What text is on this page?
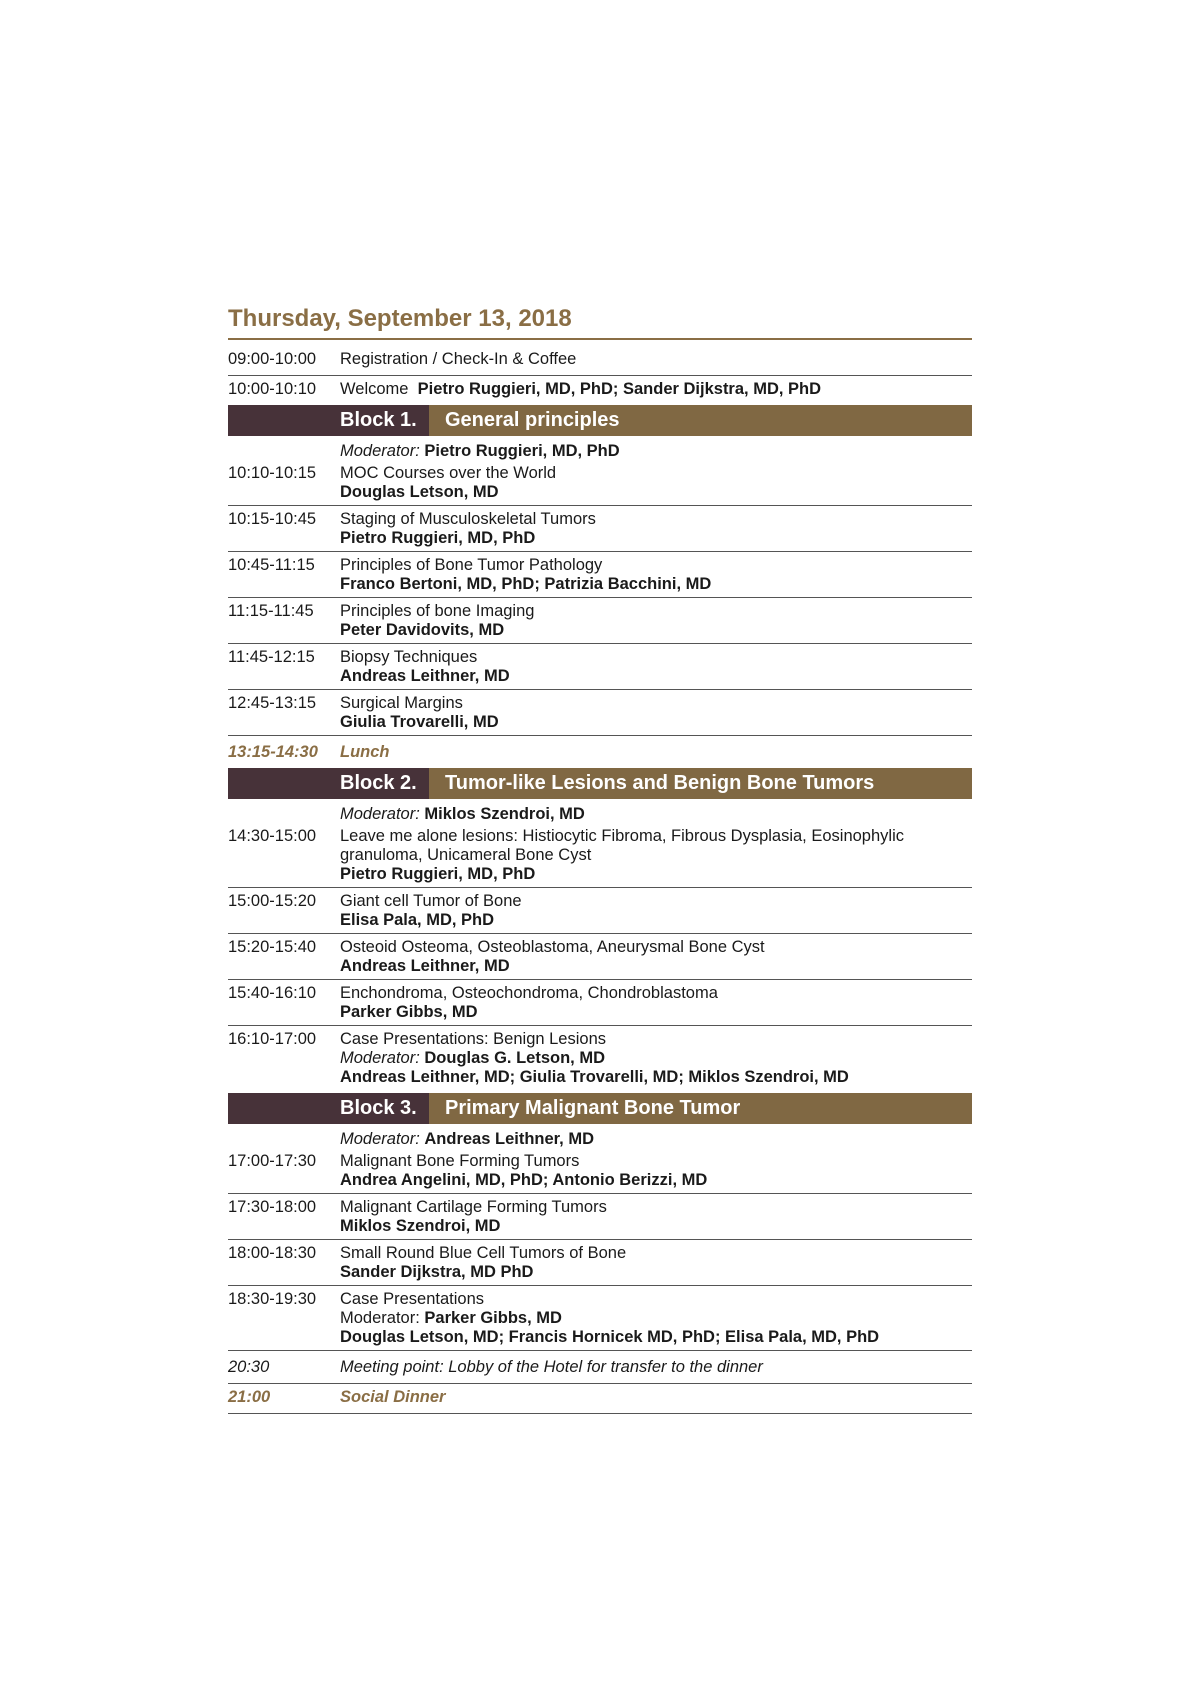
Thursday, September 13, 2018
09:00-10:00	Registration / Check-In & Coffee
10:00-10:10	Welcome Pietro Ruggieri, MD, PhD; Sander Dijkstra, MD, PhD
Block 1.	General principles
Moderator: Pietro Ruggieri, MD, PhD
10:10-10:15	MOC Courses over the World
Douglas Letson, MD
10:15-10:45	Staging of Musculoskeletal Tumors
Pietro Ruggieri, MD, PhD
10:45-11:15	Principles of Bone Tumor Pathology
Franco Bertoni, MD, PhD; Patrizia Bacchini, MD
11:15-11:45	Principles of bone Imaging
Peter Davidovits, MD
11:45-12:15	Biopsy Techniques
Andreas Leithner, MD
12:45-13:15	Surgical Margins
Giulia Trovarelli, MD
13:15-14:30	Lunch
Block 2.	Tumor-like Lesions and Benign Bone Tumors
Moderator: Miklos Szendroi, MD
14:30-15:00	Leave me alone lesions: Histiocytic Fibroma, Fibrous Dysplasia, Eosinophylic granuloma, Unicameral Bone Cyst
Pietro Ruggieri, MD, PhD
15:00-15:20	Giant cell Tumor of Bone
Elisa Pala, MD, PhD
15:20-15:40	Osteoid Osteoma, Osteoblastoma, Aneurysmal Bone Cyst
Andreas Leithner, MD
15:40-16:10	Enchondroma, Osteochondroma, Chondroblastoma
Parker Gibbs, MD
16:10-17:00	Case Presentations: Benign Lesions
Moderator: Douglas G. Letson, MD
Andreas Leithner, MD; Giulia Trovarelli, MD; Miklos Szendroi, MD
Block 3.	Primary Malignant Bone Tumor
Moderator: Andreas Leithner, MD
17:00-17:30	Malignant Bone Forming Tumors
Andrea Angelini, MD, PhD; Antonio Berizzi, MD
17:30-18:00	Malignant Cartilage Forming Tumors
Miklos Szendroi, MD
18:00-18:30	Small Round Blue Cell Tumors of Bone
Sander Dijkstra, MD PhD
18:30-19:30	Case Presentations
Moderator: Parker Gibbs, MD
Douglas Letson, MD; Francis Hornicek MD, PhD; Elisa Pala, MD, PhD
20:30	Meeting point: Lobby of the Hotel for transfer to the dinner
21:00	Social Dinner
